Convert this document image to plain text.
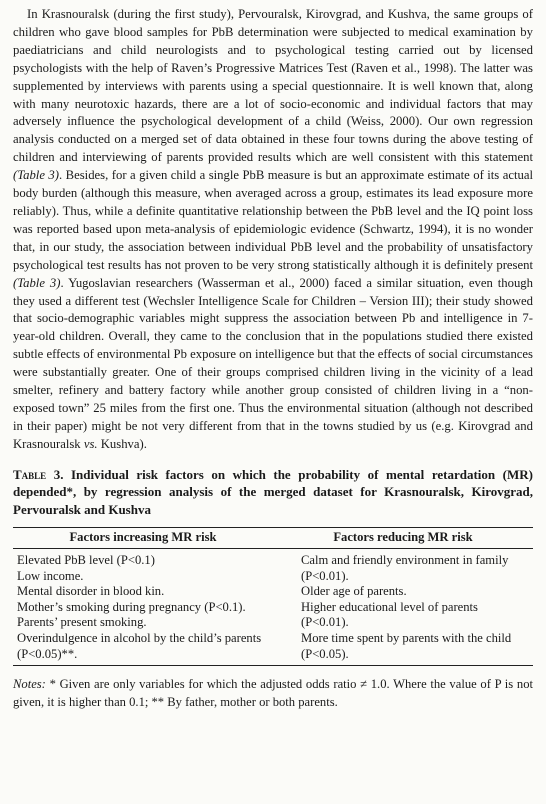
In Krasnouralsk (during the first study), Pervouralsk, Kirovgrad, and Kushva, the same groups of children who gave blood samples for PbB determination were subjected to medical examination by paediatricians and child neurologists and to psychological testing carried out by licensed psychologists with the help of Raven’s Progressive Matrices Test (Raven et al., 1998). The latter was supplemented by interviews with parents using a special questionnaire. It is well known that, along with many neurotoxic hazards, there are a lot of socio-economic and individual factors that may adversely influence the psychological development of a child (Weiss, 2000). Our own regression analysis conducted on a merged set of data obtained in these four towns during the above testing of children and interviewing of parents provided results which are well consistent with this statement (Table 3). Besides, for a given child a single PbB measure is but an approximate estimate of its actual body burden (although this measure, when averaged across a group, estimates its lead exposure more reliably). Thus, while a definite quantitative relationship between the PbB level and the IQ point loss was reported based upon meta-analysis of epidemiologic evidence (Schwartz, 1994), it is no wonder that, in our study, the association between individual PbB level and the probability of unsatisfactory psychological test results has not proven to be very strong statistically although it is definitely present (Table 3). Yugoslavian researchers (Wasserman et al., 2000) faced a similar situation, even though they used a different test (Wechsler Intelligence Scale for Children – Version III); their study showed that socio-demographic variables might suppress the association between Pb and intelligence in 7-year-old children. Overall, they came to the conclusion that in the populations studied there existed subtle effects of environmental Pb exposure on intelligence but that the effects of social circumstances were substantially greater. One of their groups comprised children living in the vicinity of a lead smelter, refinery and battery factory while another group consisted of children living in a “non-exposed town” 25 miles from the first one. Thus the environmental situation (although not described in their paper) might be not very different from that in the towns studied by us (e.g. Kirovgrad and Krasnouralsk vs. Kushva).

Table 3. Individual risk factors on which the probability of mental retardation (MR) depended*, by regression analysis of the merged dataset for Krasnouralsk, Kirovgrad, Pervouralsk and Kushva

Factors increasing MR risk	Factors reducing MR risk
Elevated PbB level (P<0.1)	Calm and friendly environment in family
Low income.	(P<0.01).
Mental disorder in blood kin.	Older age of parents.
Mother’s smoking during pregnancy (P<0.1).	Higher educational level of parents
Parents’ present smoking.	(P<0.01).
Overindulgence in alcohol by the child’s parents	More time spent by parents with the child
(P<0.05)**.	(P<0.05).

Notes: * Given are only variables for which the adjusted odds ratio ≠ 1.0. Where the value of P is not given, it is higher than 0.1; ** By father, mother or both parents.
